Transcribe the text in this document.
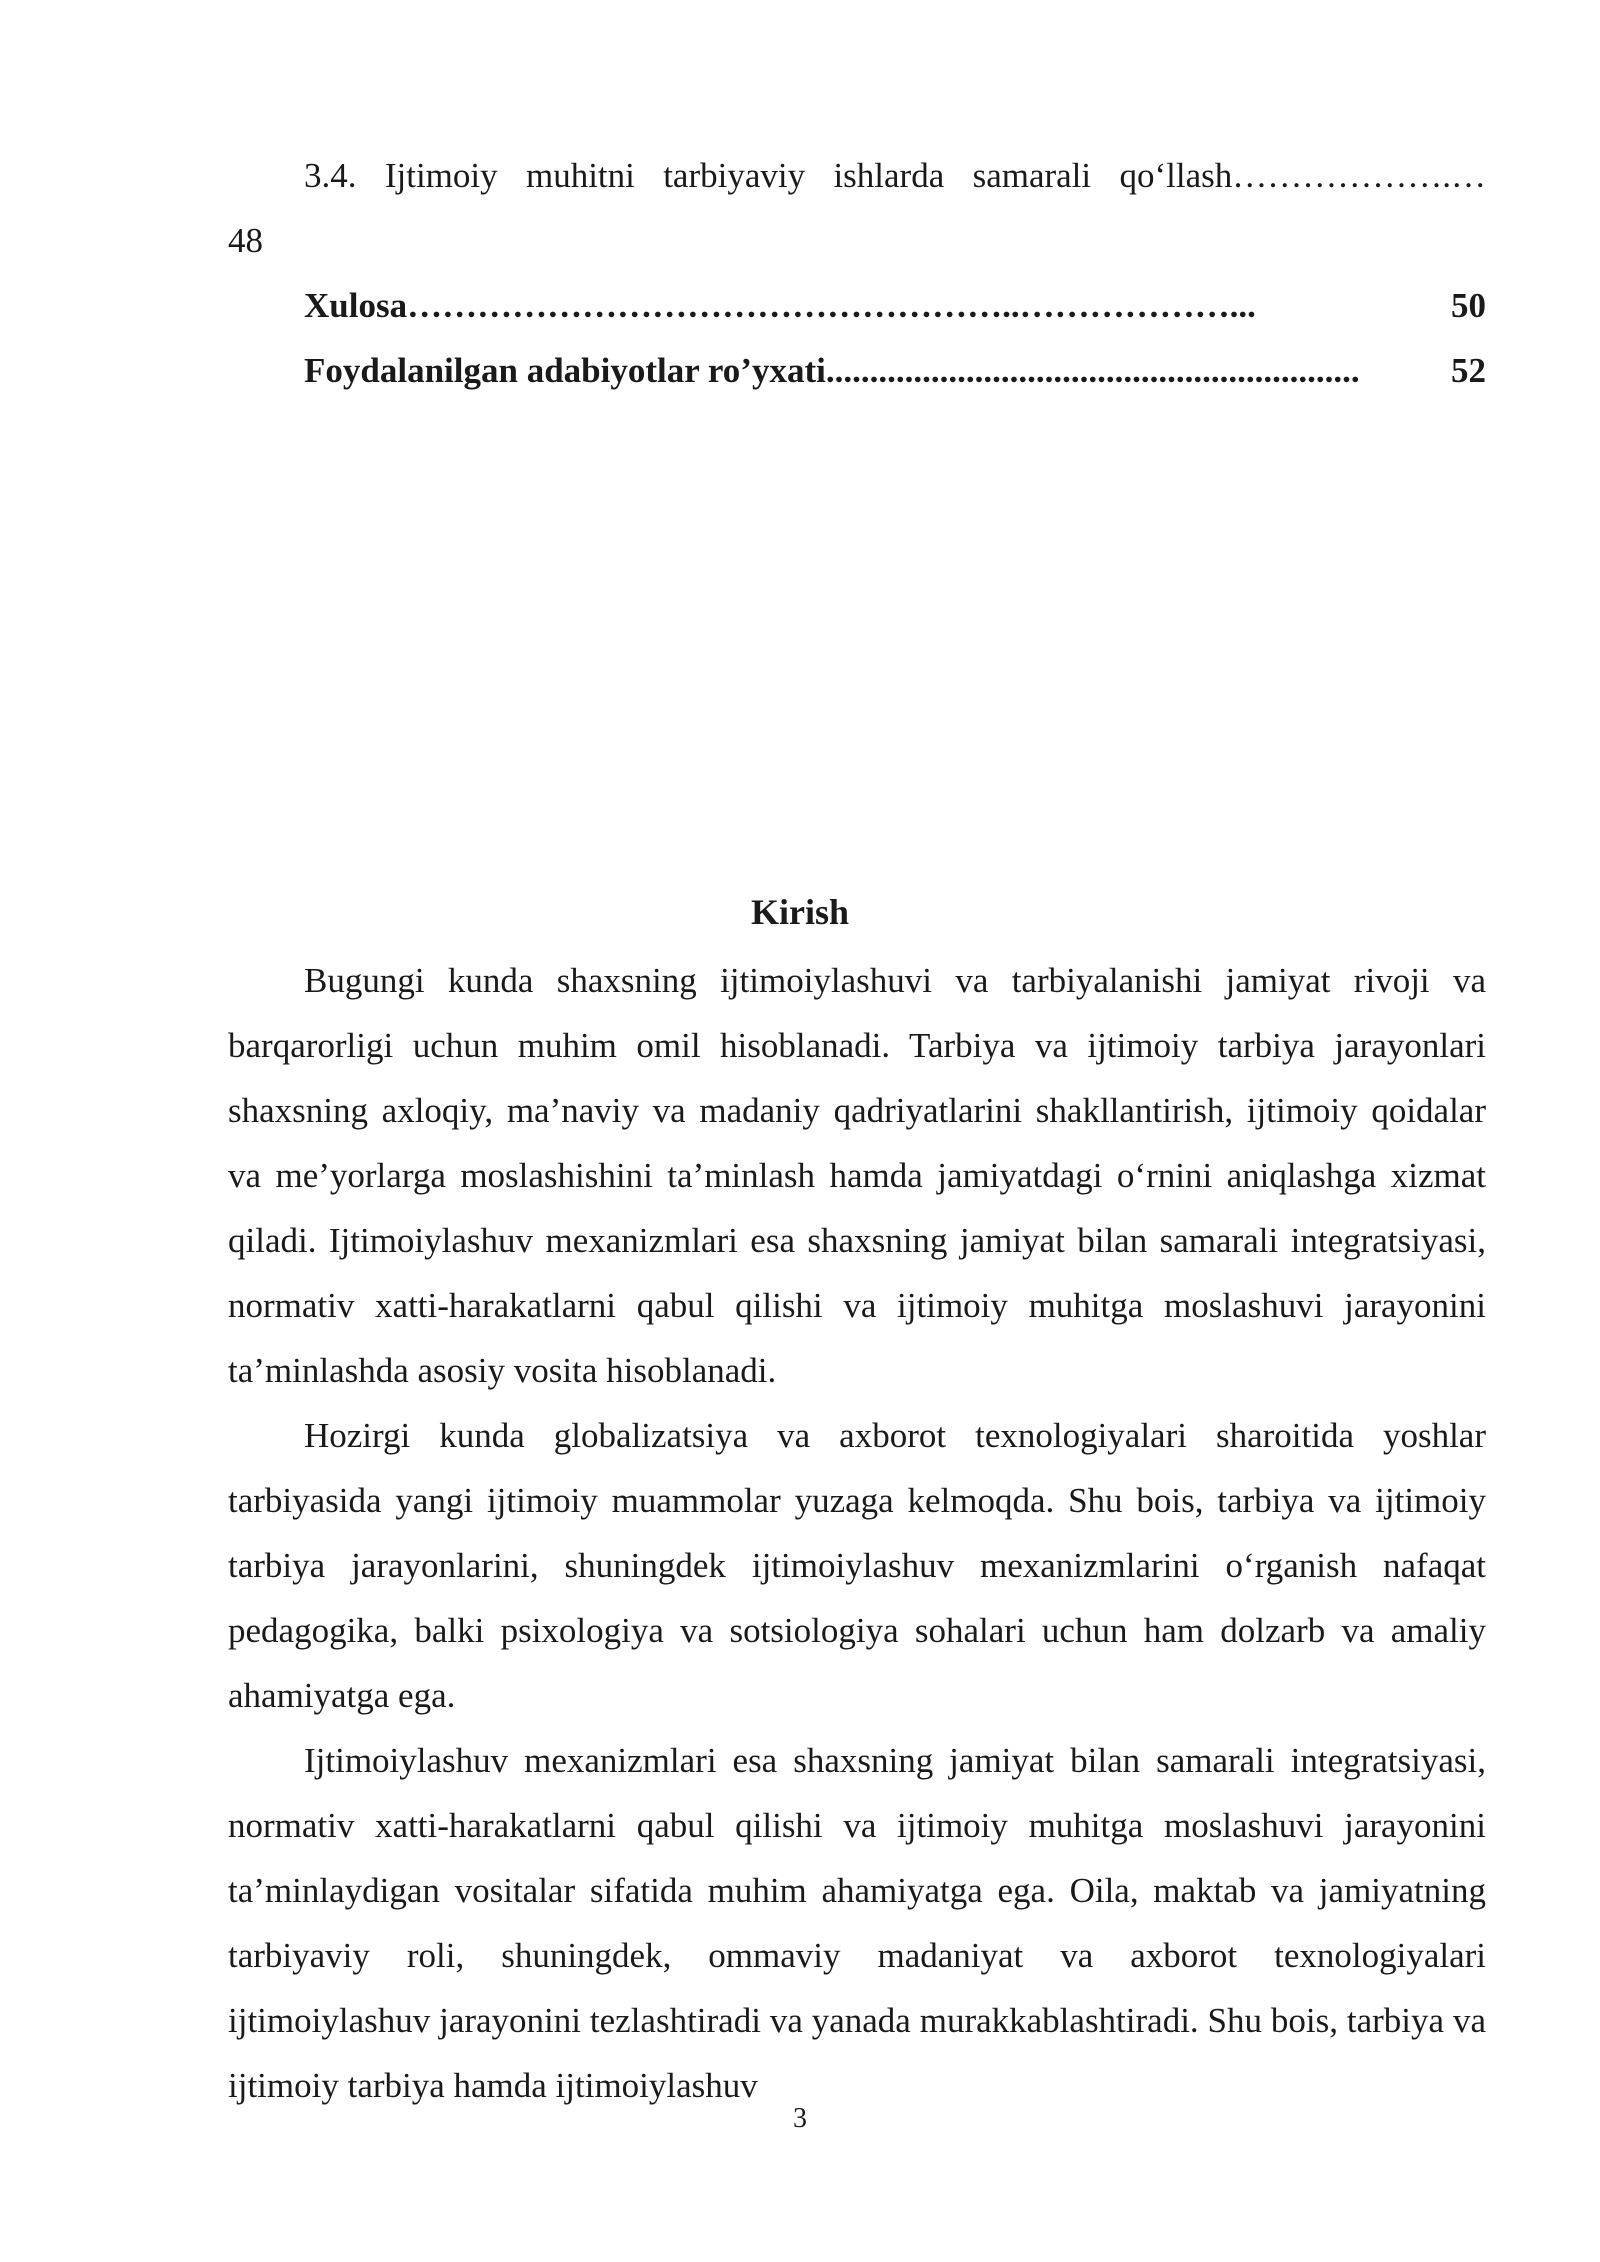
3.4. Ijtimoiy muhitni tarbiyaviy ishlarda samarali qo‘llash……………….…
48
Xulosa ……………………………………………..………………...	50
Foydalanilgan adabiyotlar ro’yxati .............................................................	52
Kirish

Bugungi kunda shaxsning ijtimoiylashuvi va tarbiyalanishi jamiyat rivoji va barqarorligi uchun muhim omil hisoblanadi. Tarbiya va ijtimoiy tarbiya jarayonlari shaxsning axloqiy, ma’naviy va madaniy qadriyatlarini shakllantirish, ijtimoiy qoidalar va me’yorlarga moslashishini ta’minlash hamda jamiyatdagi o‘rnini aniqlashga xizmat qiladi. Ijtimoiylashuv mexanizmlari esa shaxsning jamiyat bilan samarali integratsiyasi, normativ xatti-harakatlarni qabul qilishi va ijtimoiy muhitga moslashuvi jarayonini ta’minlashda asosiy vosita hisoblanadi.

Hozirgi kunda globalizatsiya va axborot texnologiyalari sharoitida yoshlar tarbiyasida yangi ijtimoiy muammolar yuzaga kelmoqda. Shu bois, tarbiya va ijtimoiy tarbiya jarayonlarini, shuningdek ijtimoiylashuv mexanizmlarini o‘rganish nafaqat pedagogika, balki psixologiya va sotsiologiya sohalari uchun ham dolzarb va amaliy ahamiyatga ega.

Ijtimoiylashuv mexanizmlari esa shaxsning jamiyat bilan samarali integratsiyasi, normativ xatti-harakatlarni qabul qilishi va ijtimoiy muhitga moslashuvi jarayonini ta’minlaydigan vositalar sifatida muhim ahamiyatga ega. Oila, maktab va jamiyatning tarbiyaviy roli, shuningdek, ommaviy madaniyat va axborot texnologiyalari ijtimoiylashuv jarayonini tezlashtiradi va yanada murakkablashtiradi. Shu bois, tarbiya va ijtimoiy tarbiya hamda ijtimoiylashuv

3
